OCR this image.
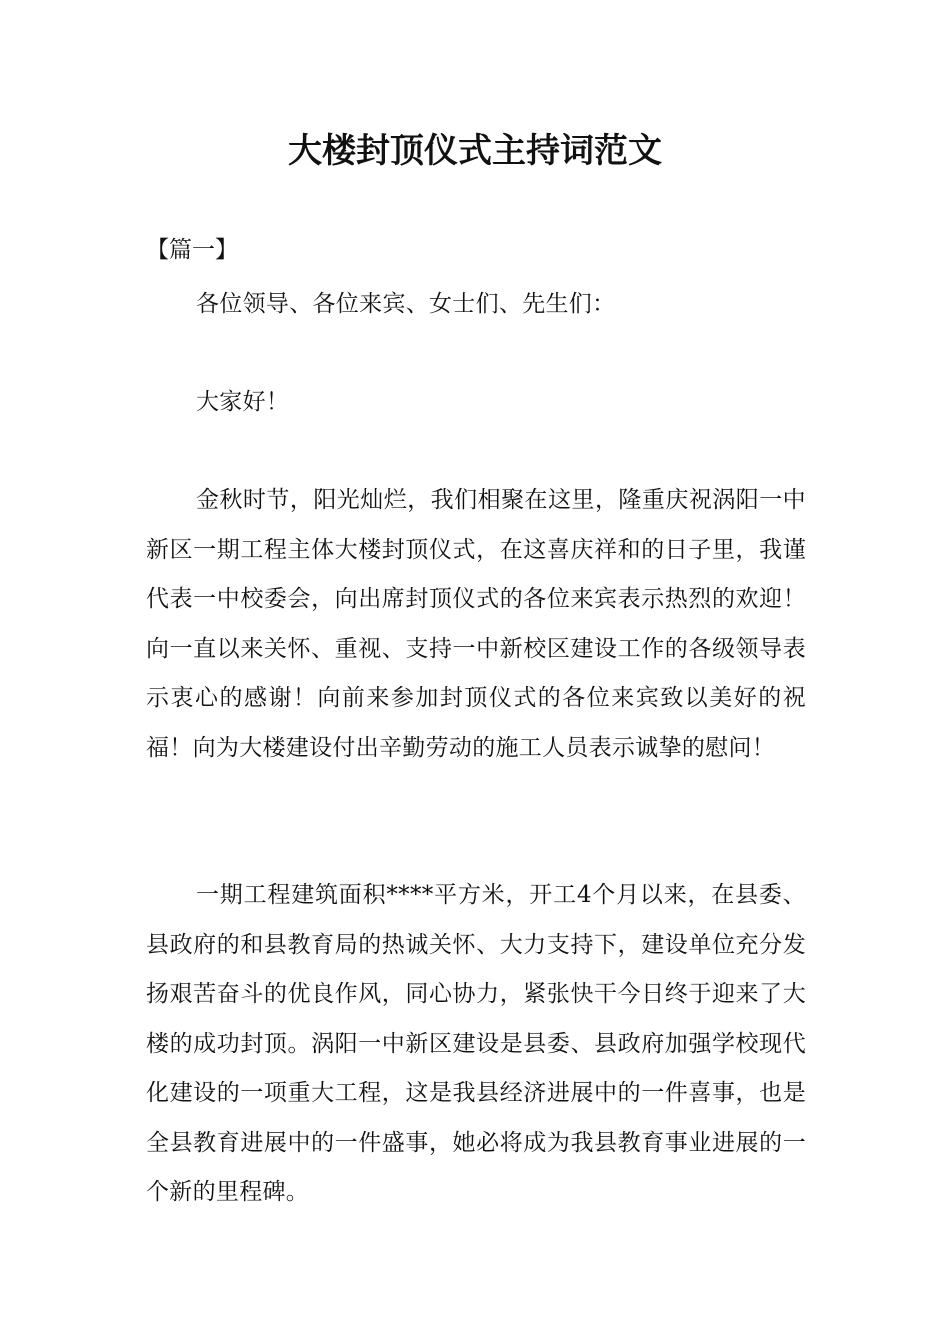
大楼封顶仪式主持词范文

【篇一】

各位领导、各位来宾、女士们、先生们：

大家好！

金秋时节，阳光灿烂，我们相聚在这里，隆重庆祝涡阳一中新区一期工程主体大楼封顶仪式，在这喜庆祥和的日子里，我谨代表一中校委会，向出席封顶仪式的各位来宾表示热烈的欢迎！向一直以来关怀、重视、支持一中新校区建设工作的各级领导表示衷心的感谢！向前来参加封顶仪式的各位来宾致以美好的祝福！向为大楼建设付出辛勤劳动的施工人员表示诚挚的慰问！

一期工程建筑面积****平方米，开工4个月以来，在县委、县政府的和县教育局的热诚关怀、大力支持下，建设单位充分发扬艰苦奋斗的优良作风，同心协力，紧张快干今日终于迎来了大楼的成功封顶。涡阳一中新区建设是县委、县政府加强学校现代化建设的一项重大工程，这是我县经济进展中的一件喜事，也是全县教育进展中的一件盛事，她必将成为我县教育事业进展的一个新的里程碑。
